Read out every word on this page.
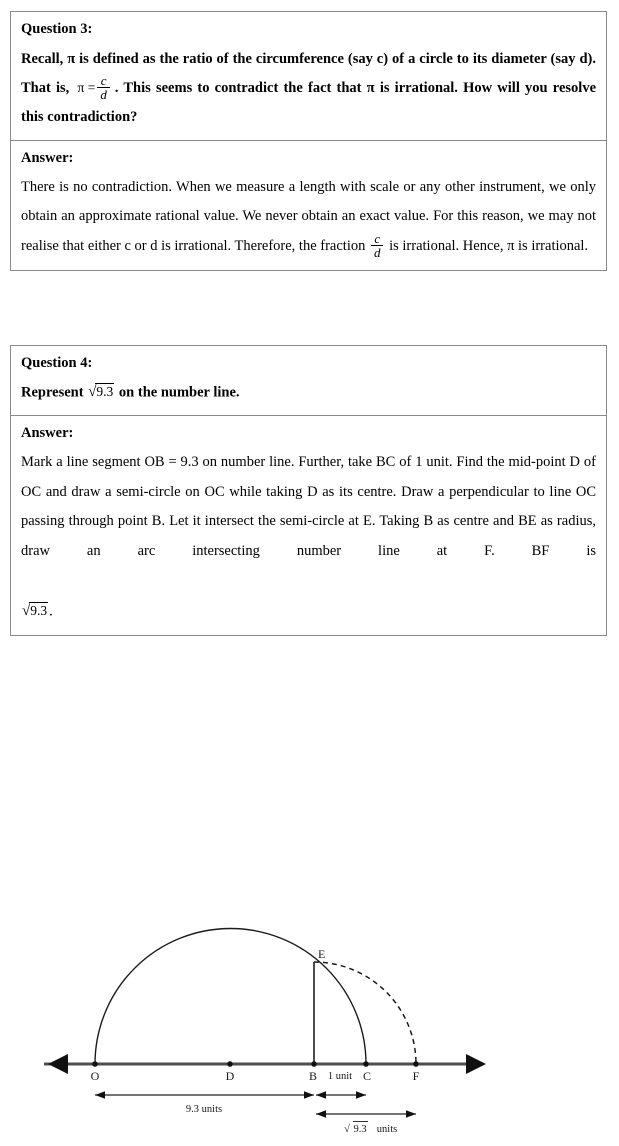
Question 3:
Recall, π is defined as the ratio of the circumference (say c) of a circle to its diameter (say d). That is, $\pi = \frac{c}{d}$ . This seems to contradict the fact that π is irrational. How will you resolve this contradiction?
Answer:
There is no contradiction. When we measure a length with scale or any other instrument, we only obtain an approximate rational value. We never obtain an exact value. For this reason, we may not realise that either c or d is irrational. Therefore, the fraction $\frac{c}{d}$ is irrational. Hence, π is irrational.
Question 4:
Represent √9.3 on the number line.
Answer:
Mark a line segment OB = 9.3 on number line. Further, take BC of 1 unit. Find the mid-point D of OC and draw a semi-circle on OC while taking D as its centre. Draw a perpendicular to line OC passing through point B. Let it intersect the semi-circle at E. Taking B as centre and BE as radius, draw an arc intersecting number line at F. BF is √9.3 .
O	D	B	C	F
E
9.3 units
1 unit
√ 9.3 units
